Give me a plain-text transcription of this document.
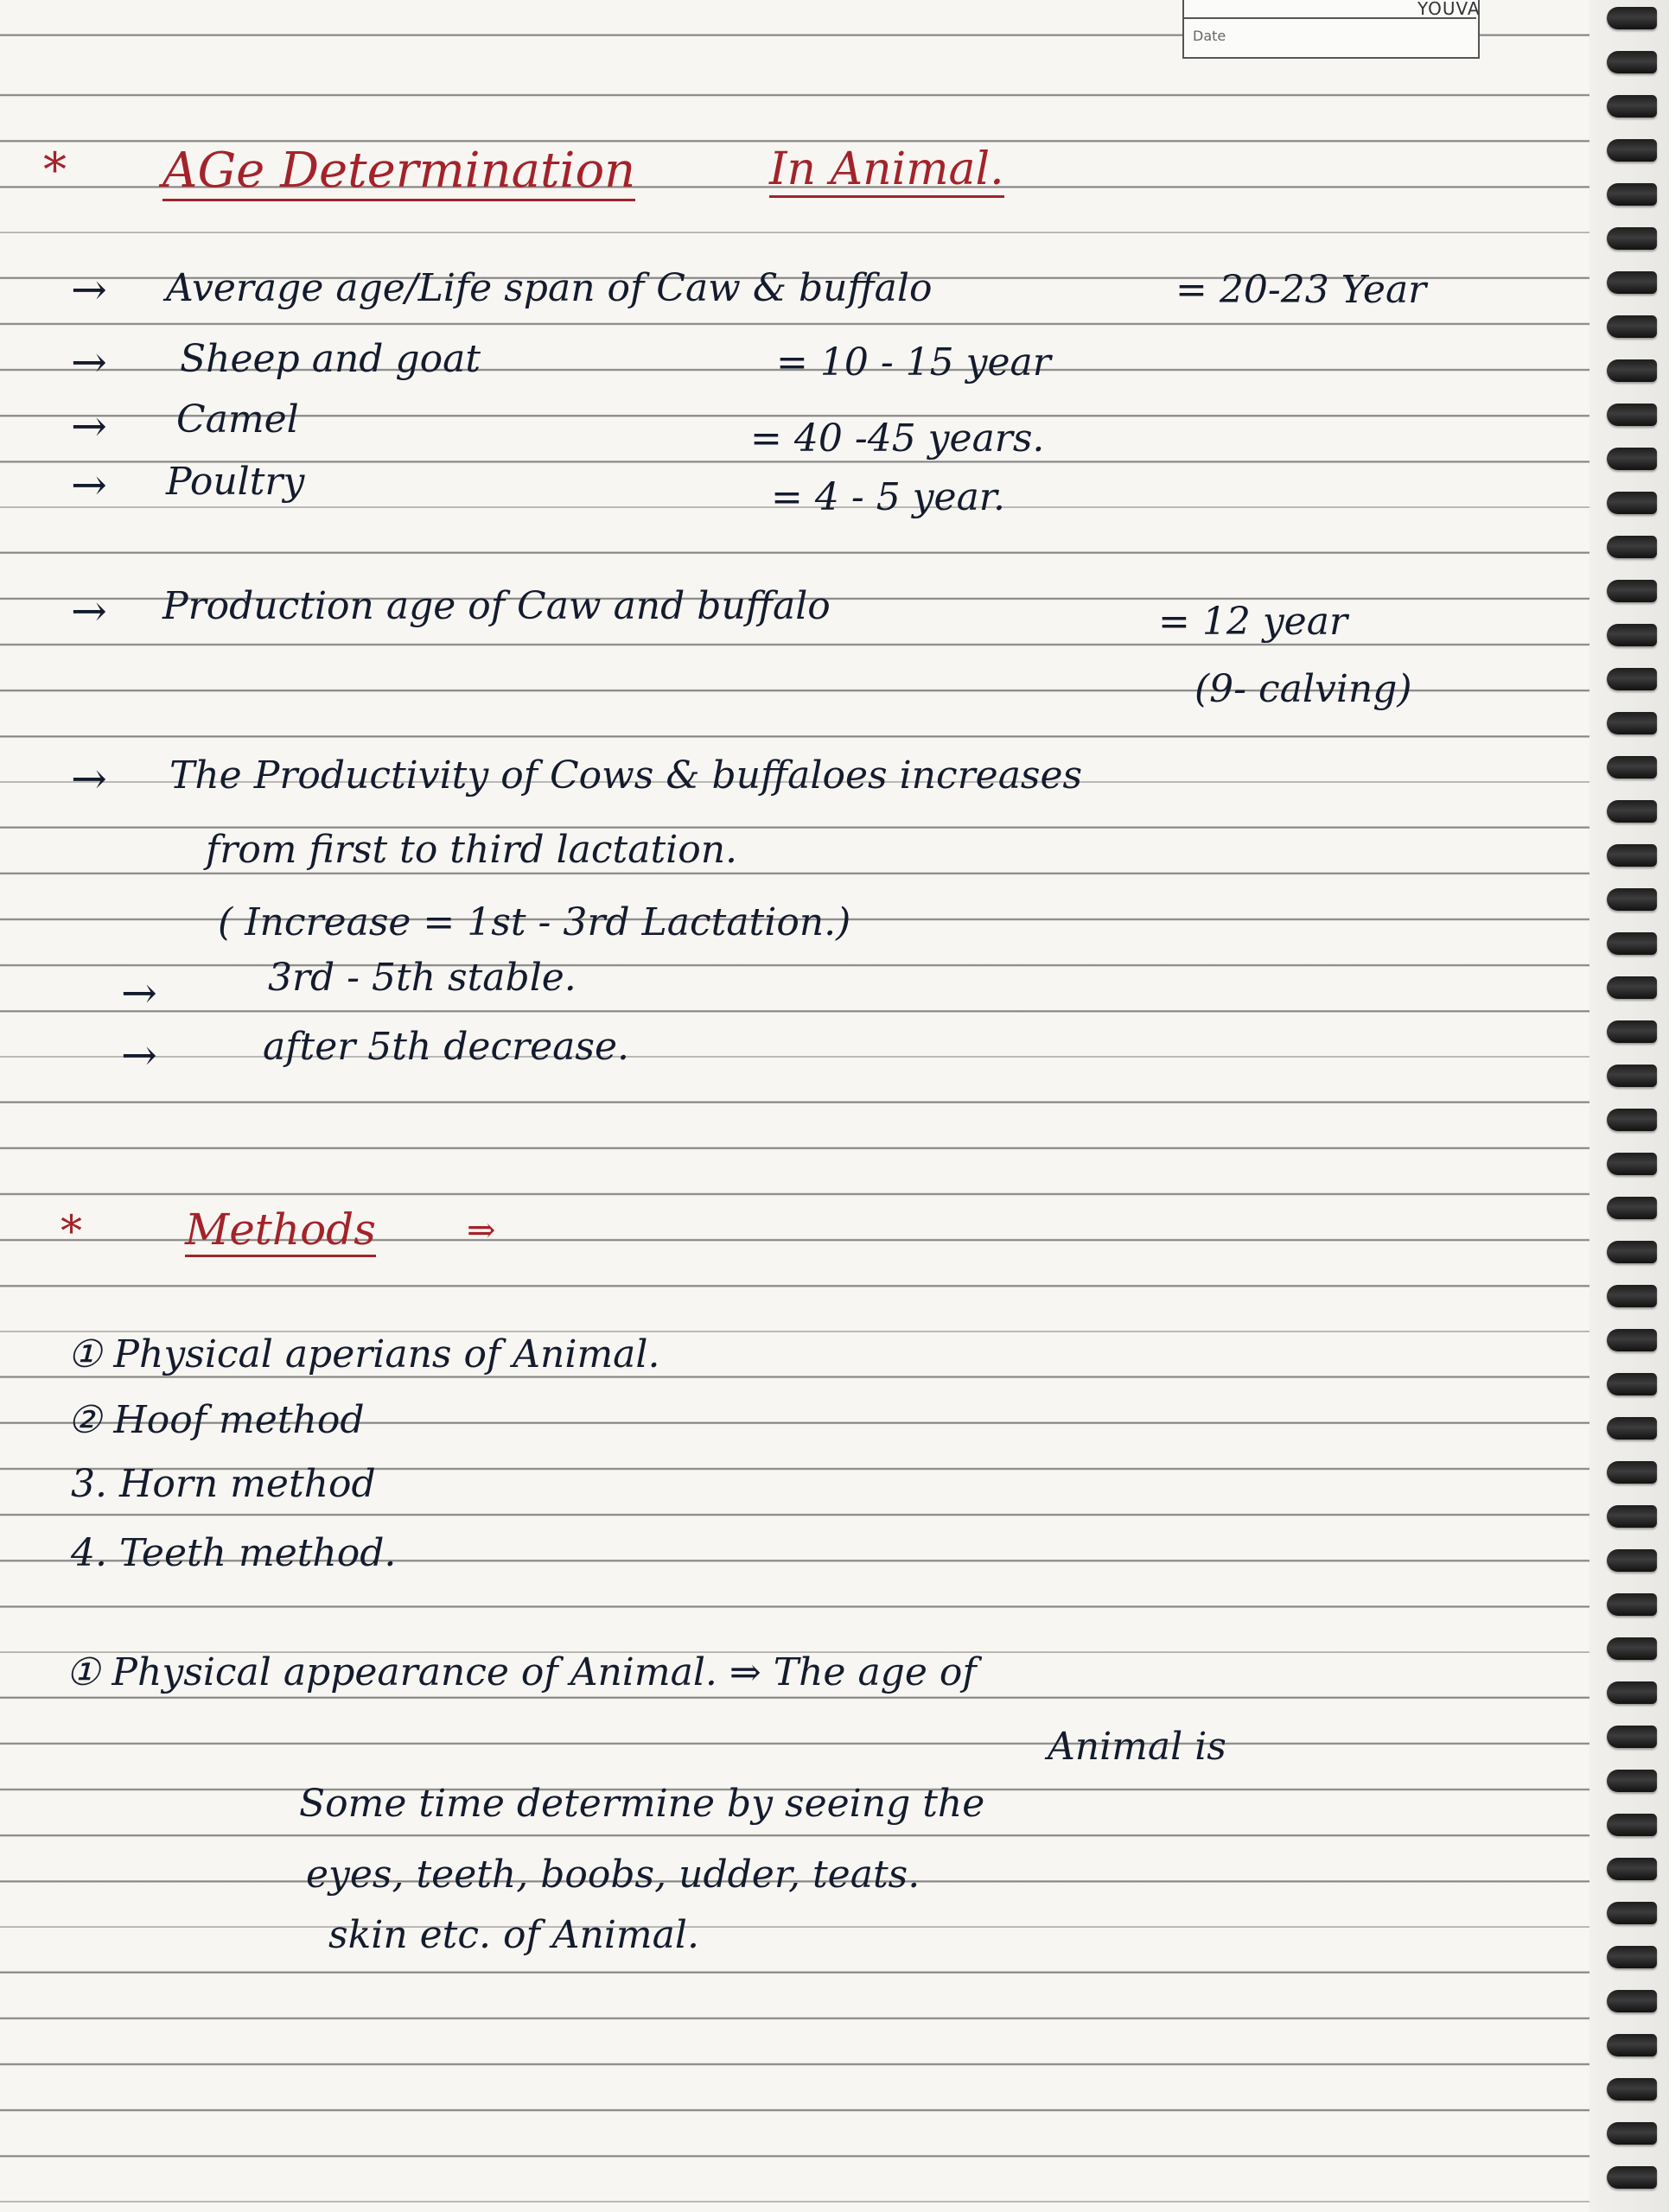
YOUVA
Date
* AGe Determination	In Animal.
→ Average age/Life span of Caw & buffalo	= 20-23 Year
→ Sheep and goat	= 10 - 15 year
→ Camel	= 40 -45 years.
→ Poultry	= 4 - 5 year.
→ Production age of Caw and buffalo	= 12 year
(9- calving)
→ The Productivity of Cows & buffaloes increases
from first to third lactation.
( Increase = 1st - 3rd Lactation.)
→	3rd - 5th stable.
→	after 5th decrease.
* Methods	⇒
① Physical aperians of Animal.
② Hoof method
3. Horn method
4. Teeth method.
① Physical appearance of Animal. ⇒ The age of
Animal is
Some time determine by seeing the
eyes, teeth, boobs, udder, teats.
skin etc. of Animal.
